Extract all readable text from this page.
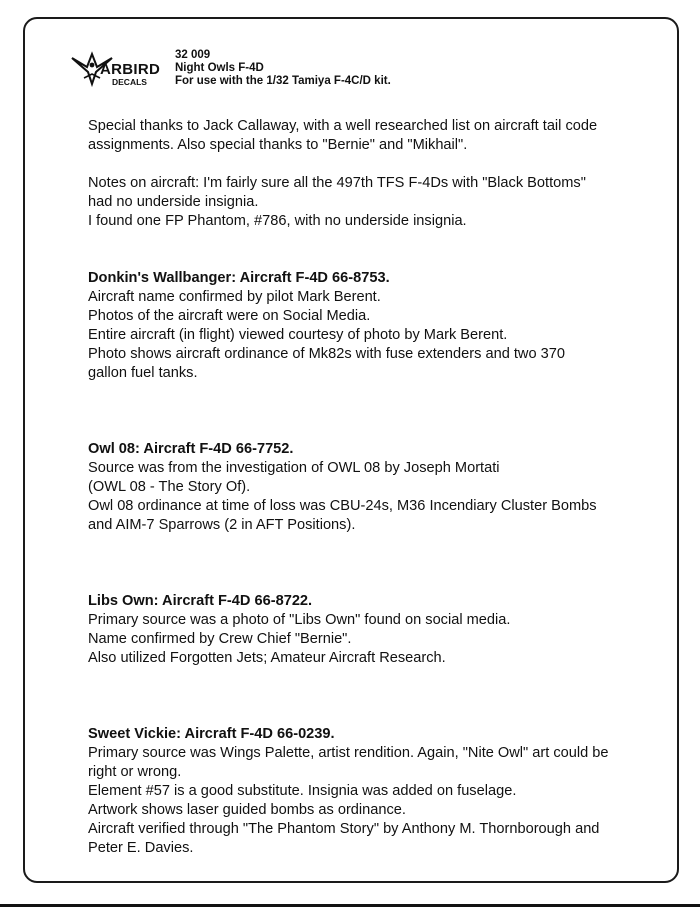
ARBIRD
DECALS
32 009
Night Owls F-4D
For use with the 1/32 Tamiya F-4C/D kit.

Special thanks to Jack Callaway, with a well researched list on aircraft tail code
assignments. Also special thanks to "Bernie" and "Mikhail".

Notes on aircraft: I'm fairly sure all the 497th TFS F-4Ds with "Black Bottoms"
had no underside insignia.
I found one FP Phantom, #786, with no underside insignia.

Donkin's Wallbanger: Aircraft F-4D 66-8753.
Aircraft name confirmed by pilot Mark Berent.
Photos of the aircraft were on Social Media.
Entire aircraft (in flight) viewed courtesy of photo by Mark Berent.
Photo shows aircraft ordinance of Mk82s with fuse extenders and two 370
gallon fuel tanks.
Owl 08: Aircraft F-4D 66-7752.
Source was from the investigation of OWL 08 by Joseph Mortati
(OWL 08 - The Story Of).
Owl 08 ordinance at time of loss was CBU-24s, M36 Incendiary Cluster Bombs
and AIM-7 Sparrows (2 in AFT Positions).
Libs Own: Aircraft F-4D 66-8722.
Primary source was a photo of "Libs Own" found on social media.
Name confirmed by Crew Chief "Bernie".
Also utilized Forgotten Jets; Amateur Aircraft Research.
Sweet Vickie: Aircraft F-4D 66-0239.
Primary source was Wings Palette, artist rendition. Again, "Nite Owl" art could be
right or wrong.
Element #57 is a good substitute. Insignia was added on fuselage.
Artwork shows laser guided bombs as ordinance.
Aircraft verified through "The Phantom Story" by Anthony M. Thornborough and
Peter E. Davies.
